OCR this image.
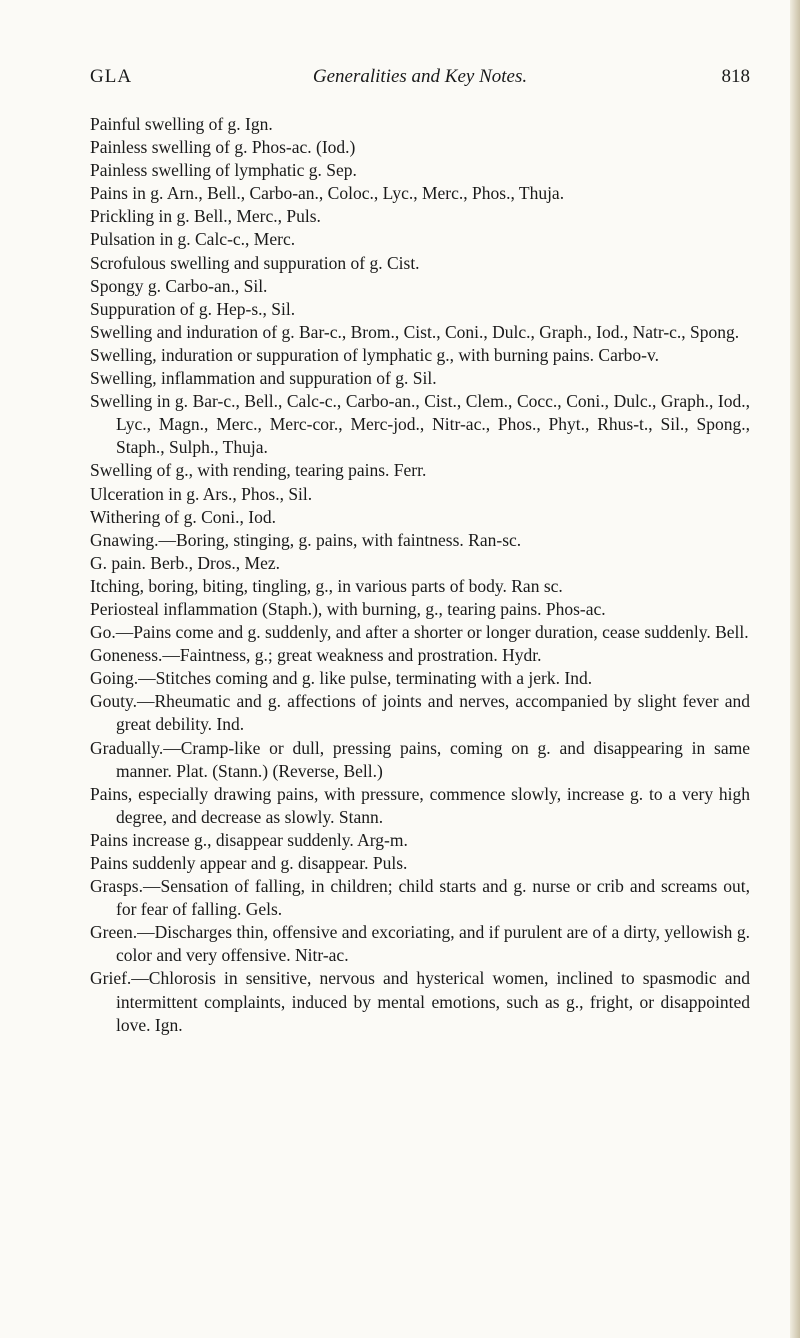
GLA	Generalities and Key Notes.	818

Painful swelling of g. Ign.

Painless swelling of g. Phos-ac. (Iod.)

Painless swelling of lymphatic g. Sep.

Pains in g. Arn., Bell., Carbo-an., Coloc., Lyc., Merc., Phos., Thuja.

Prickling in g. Bell., Merc., Puls.

Pulsation in g. Calc-c., Merc.

Scrofulous swelling and suppuration of g. Cist.

Spongy g. Carbo-an., Sil.

Suppuration of g. Hep-s., Sil.

Swelling and induration of g. Bar-c., Brom., Cist., Coni., Dulc., Graph., Iod., Natr-c., Spong.

Swelling, induration or suppuration of lymphatic g., with burning pains. Carbo-v.

Swelling, inflammation and suppuration of g. Sil.

Swelling in g. Bar-c., Bell., Calc-c., Carbo-an., Cist., Clem., Cocc., Coni., Dulc., Graph., Iod., Lyc., Magn., Merc., Merc-cor., Merc-jod., Nitr-ac., Phos., Phyt., Rhus-t., Sil., Spong., Staph., Sulph., Thuja.

Swelling of g., with rending, tearing pains. Ferr.

Ulceration in g. Ars., Phos., Sil.

Withering of g. Coni., Iod.

Gnawing.—Boring, stinging, g. pains, with faintness. Ran-sc.

G. pain. Berb., Dros., Mez.

Itching, boring, biting, tingling, g., in various parts of body. Ran sc.

Periosteal inflammation (Staph.), with burning, g., tearing pains. Phos-ac.

Go.—Pains come and g. suddenly, and after a shorter or longer duration, cease suddenly. Bell.

Goneness.—Faintness, g.; great weakness and prostration. Hydr.

Going.—Stitches coming and g. like pulse, terminating with a jerk. Ind.

Gouty.—Rheumatic and g. affections of joints and nerves, accompanied by slight fever and great debility. Ind.

Gradually.—Cramp-like or dull, pressing pains, coming on g. and disappearing in same manner. Plat. (Stann.) (Reverse, Bell.)

Pains, especially drawing pains, with pressure, commence slowly, increase g. to a very high degree, and decrease as slowly. Stann.

Pains increase g., disappear suddenly. Arg-m.

Pains suddenly appear and g. disappear. Puls.

Grasps.—Sensation of falling, in children; child starts and g. nurse or crib and screams out, for fear of falling. Gels.

Green.—Discharges thin, offensive and excoriating, and if purulent are of a dirty, yellowish g. color and very offensive. Nitr-ac.

Grief.—Chlorosis in sensitive, nervous and hysterical women, inclined to spasmodic and intermittent complaints, induced by mental emotions, such as g., fright, or disappointed love. Ign.
